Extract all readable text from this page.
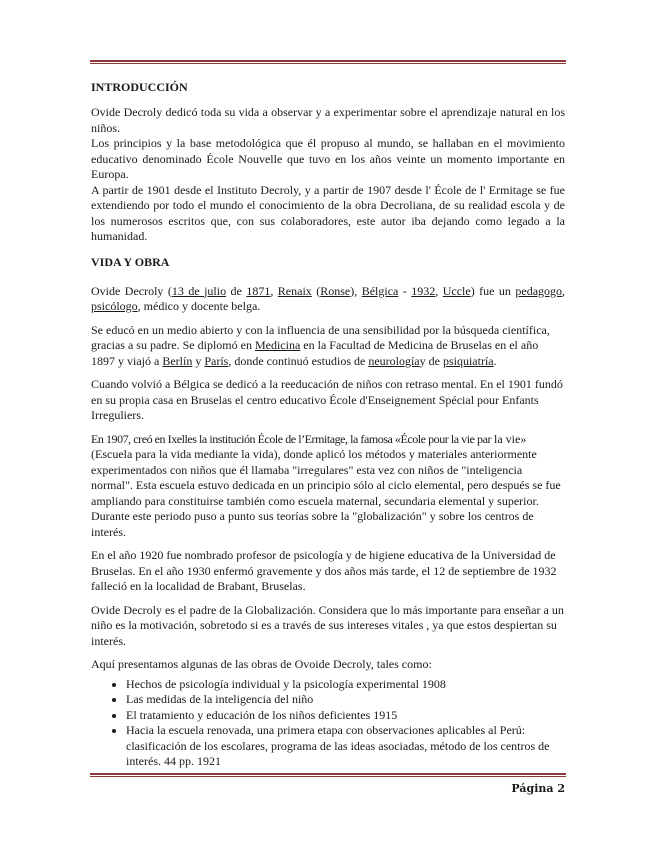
INTRODUCCIÓN

Ovide Decroly dedicó toda su vida a observar y a experimentar sobre el aprendizaje natural en los niños.

Los principios y la base metodológica que él propuso al mundo, se hallaban en el movimiento educativo denominado École Nouvelle que tuvo en los años veinte un momento importante en Europa.

A partir de 1901 desde el Instituto Decroly, y a partir de 1907 desde l' École de l' Ermitage se fue extendiendo por todo el mundo el conocimiento de la obra Decroliana, de su realidad escola y de los numerosos escritos que, con sus colaboradores, este autor iba dejando como legado a la humanidad.

VIDA Y OBRA

Ovide Decroly (13 de julio de 1871, Renaix (Ronse), Bélgica - 1932, Uccle) fue un pedagogo, psicólogo, médico y docente belga.

Se educó en un medio abierto y con la influencia de una sensibilidad por la búsqueda científica, gracias a su padre. Se diplomó en Medicina en la Facultad de Medicina de Bruselas en el año 1897 y viajó a Berlín y París, donde continuó estudios de neurologíay de psiquiatría.

Cuando volvió a Bélgica se dedicó a la reeducación de niños con retraso mental. En el 1901 fundó en su propia casa en Bruselas el centro educativo École d'Enseignement Spécial pour Enfants Irreguliers.

En 1907, creó en Ixelles la institución École de l’Ermitage, la famosa «École pour la vie par la vie» (Escuela para la vida mediante la vida), donde aplicó los métodos y materiales anteriormente experimentados con niños que él llamaba "irregulares" esta vez con niños de "inteligencia normal". Esta escuela estuvo dedicada en un principio sólo al ciclo elemental, pero después se fue ampliando para constituirse también como escuela maternal, secundaria elemental y superior. Durante este periodo puso a punto sus teorías sobre la "globalización" y sobre los centros de interés.

En el año 1920 fue nombrado profesor de psicología y de higiene educativa de la Universidad de Bruselas. En el año 1930 enfermó gravemente y dos años más tarde, el 12 de septiembre de 1932 falleció en la localidad de Brabant, Bruselas.

Ovide Decroly es el padre de la Globalización. Considera que lo más importante para enseñar a un niño es la motivación, sobretodo si es a través de sus intereses vitales , ya que estos despiertan su interés.

Aquí presentamos algunas de las obras de Ovoide Decroly, tales como:

• Hechos de psicología individual y la psicología experimental 1908
• Las medidas de la inteligencia del niño
• El tratamiento y educación de los niños deficientes 1915
• Hacia la escuela renovada, una primera etapa con observaciones aplicables al Perú: clasificación de los escolares, programa de las ideas asociadas, método de los centros de interés. 44 pp. 1921
Página 2
